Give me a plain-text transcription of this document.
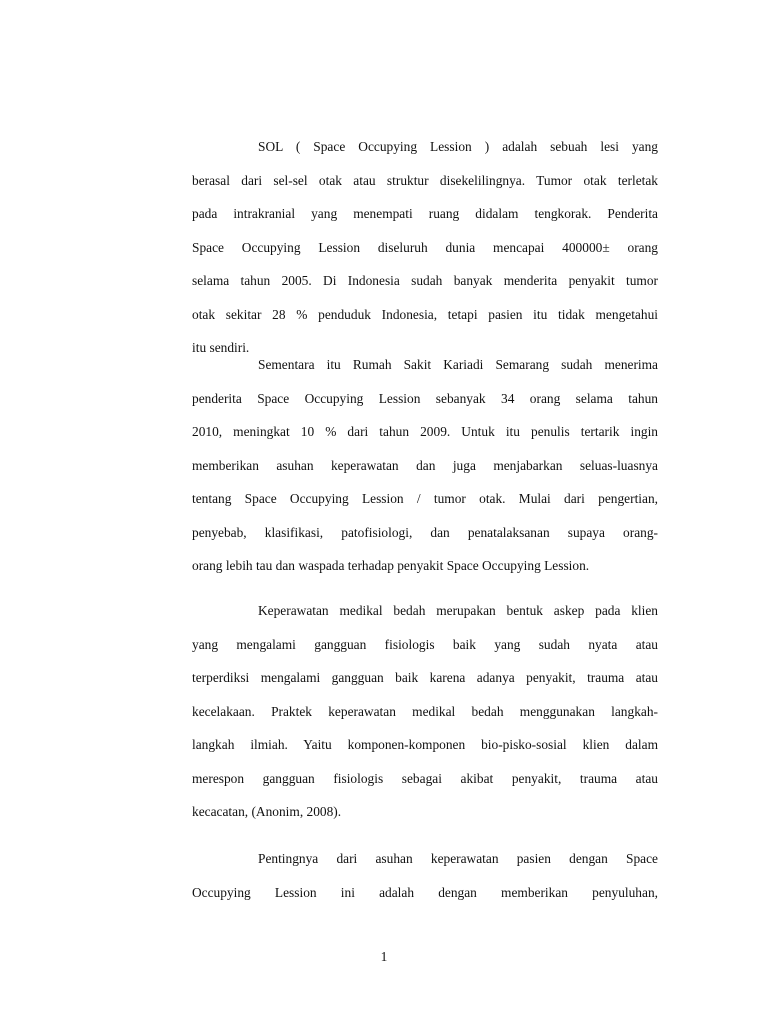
SOL ( Space Occupying Lession ) adalah sebuah lesi yang
berasal dari sel-sel otak atau struktur disekelilingnya. Tumor otak terletak
pada intrakranial yang menempati ruang didalam tengkorak. Penderita
Space Occupying Lession diseluruh dunia mencapai 400000± orang
selama tahun 2005. Di Indonesia sudah banyak menderita penyakit tumor
otak sekitar 28 % penduduk Indonesia, tetapi pasien itu tidak mengetahui
itu sendiri.
Sementara itu Rumah Sakit Kariadi Semarang sudah menerima
penderita Space Occupying Lession sebanyak 34 orang selama tahun
2010, meningkat 10 % dari tahun 2009. Untuk itu penulis tertarik ingin
memberikan asuhan keperawatan dan juga menjabarkan seluas-luasnya
tentang Space Occupying Lession / tumor otak. Mulai dari pengertian,
penyebab, klasifikasi, patofisiologi, dan penatalaksanan supaya orang-
orang lebih tau dan waspada terhadap penyakit Space Occupying Lession.
Keperawatan medikal bedah merupakan bentuk askep pada klien
yang mengalami gangguan fisiologis baik yang sudah nyata atau
terperdiksi mengalami gangguan baik karena adanya penyakit, trauma atau
kecelakaan. Praktek keperawatan medikal bedah menggunakan langkah-
langkah ilmiah. Yaitu komponen-komponen bio-pisko-sosial klien dalam
merespon gangguan fisiologis sebagai akibat penyakit, trauma atau
kecacatan, (Anonim, 2008).
Pentingnya dari asuhan keperawatan pasien dengan Space
Occupying Lession ini adalah dengan memberikan penyuluhan,
1
